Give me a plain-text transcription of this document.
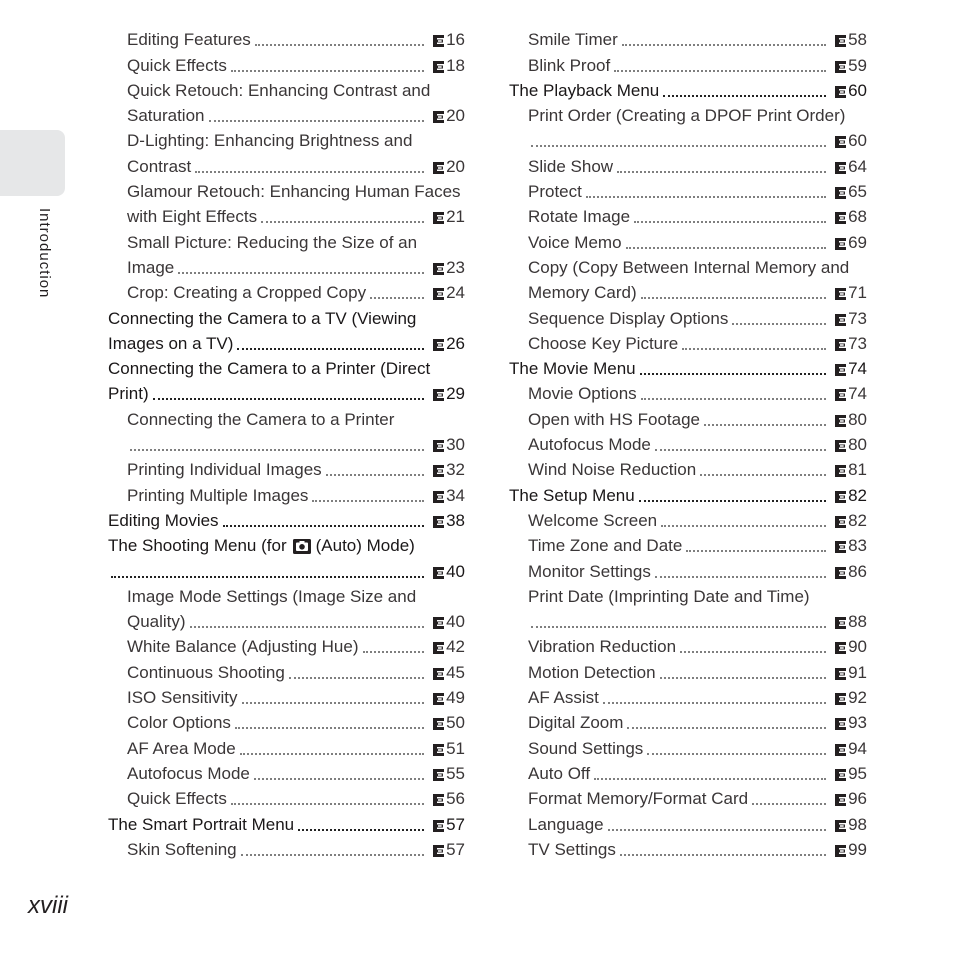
Introduction
Editing Features	16
Quick Effects	18
Quick Retouch: Enhancing Contrast and
Saturation	20
D-Lighting: Enhancing Brightness and
Contrast	20
Glamour Retouch: Enhancing Human Faces
with Eight Effects	21
Small Picture: Reducing the Size of an
Image	23
Crop: Creating a Cropped Copy	24
Connecting the Camera to a TV (Viewing
Images on a TV)	26
Connecting the Camera to a Printer (Direct
Print)	29
Connecting the Camera to a Printer
30
Printing Individual Images	32
Printing Multiple Images	34
Editing Movies	38
The Shooting Menu (for (Auto) Mode)
40
Image Mode Settings (Image Size and
Quality)	40
White Balance (Adjusting Hue)	42
Continuous Shooting	45
ISO Sensitivity	49
Color Options	50
AF Area Mode	51
Autofocus Mode	55
Quick Effects	56
The Smart Portrait Menu	57
Skin Softening	57
Smile Timer	58
Blink Proof	59
The Playback Menu	60
Print Order (Creating a DPOF Print Order)
60
Slide Show	64
Protect	65
Rotate Image	68
Voice Memo	69
Copy (Copy Between Internal Memory and
Memory Card)	71
Sequence Display Options	73
Choose Key Picture	73
The Movie Menu	74
Movie Options	74
Open with HS Footage	80
Autofocus Mode	80
Wind Noise Reduction	81
The Setup Menu	82
Welcome Screen	82
Time Zone and Date	83
Monitor Settings	86
Print Date (Imprinting Date and Time)
88
Vibration Reduction	90
Motion Detection	91
AF Assist	92
Digital Zoom	93
Sound Settings	94
Auto Off	95
Format Memory/Format Card	96
Language	98
TV Settings	99
xviii
